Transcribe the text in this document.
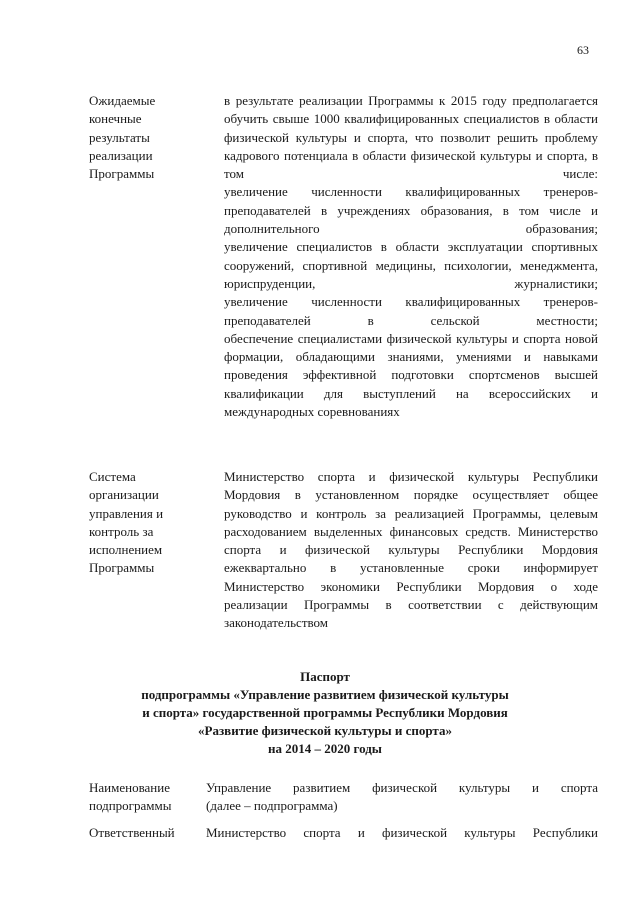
63
Ожидаемые конечные результаты реализации Программы
в результате реализации Программы к 2015 году предполагается обучить свыше 1000 квалифицированных специалистов в области физической культуры и спорта, что позволит решить проблему кадрового потенциала в области физической культуры и спорта, в том числе:
увеличение численности квалифицированных тренеров-преподавателей в учреждениях образования, в том числе и дополнительного образования;
увеличение специалистов в области эксплуатации спортивных сооружений, спортивной медицины, психологии, менеджмента, юриспруденции, журналистики;
увеличение численности квалифицированных тренеров-преподавателей в сельской местности;
обеспечение специалистами физической культуры и спорта новой формации, обладающими знаниями, умениями и навыками проведения эффективной подготовки спортсменов высшей квалификации для выступлений на всероссийских и международных соревнованиях
Система организации управления и контроль за исполнением Программы
Министерство спорта и физической культуры Республики Мордовия в установленном порядке осуществляет общее руководство и контроль за реализацией Программы, целевым расходованием выделенных финансовых средств. Министерство спорта и физической культуры Республики Мордовия ежеквартально в установленные сроки информирует Министерство экономики Республики Мордовия о ходе реализации Программы в соответствии с действующим законодательством
Паспорт
подпрограммы «Управление развитием физической культуры
и спорта» государственной программы Республики Мордовия
«Развитие физической культуры и спорта»
на 2014 – 2020 годы
Наименование
подпрограммы
Управление развитием физической культуры и спорта
(далее – подпрограмма)
Ответственный Министерство спорта и физической культуры Республики
